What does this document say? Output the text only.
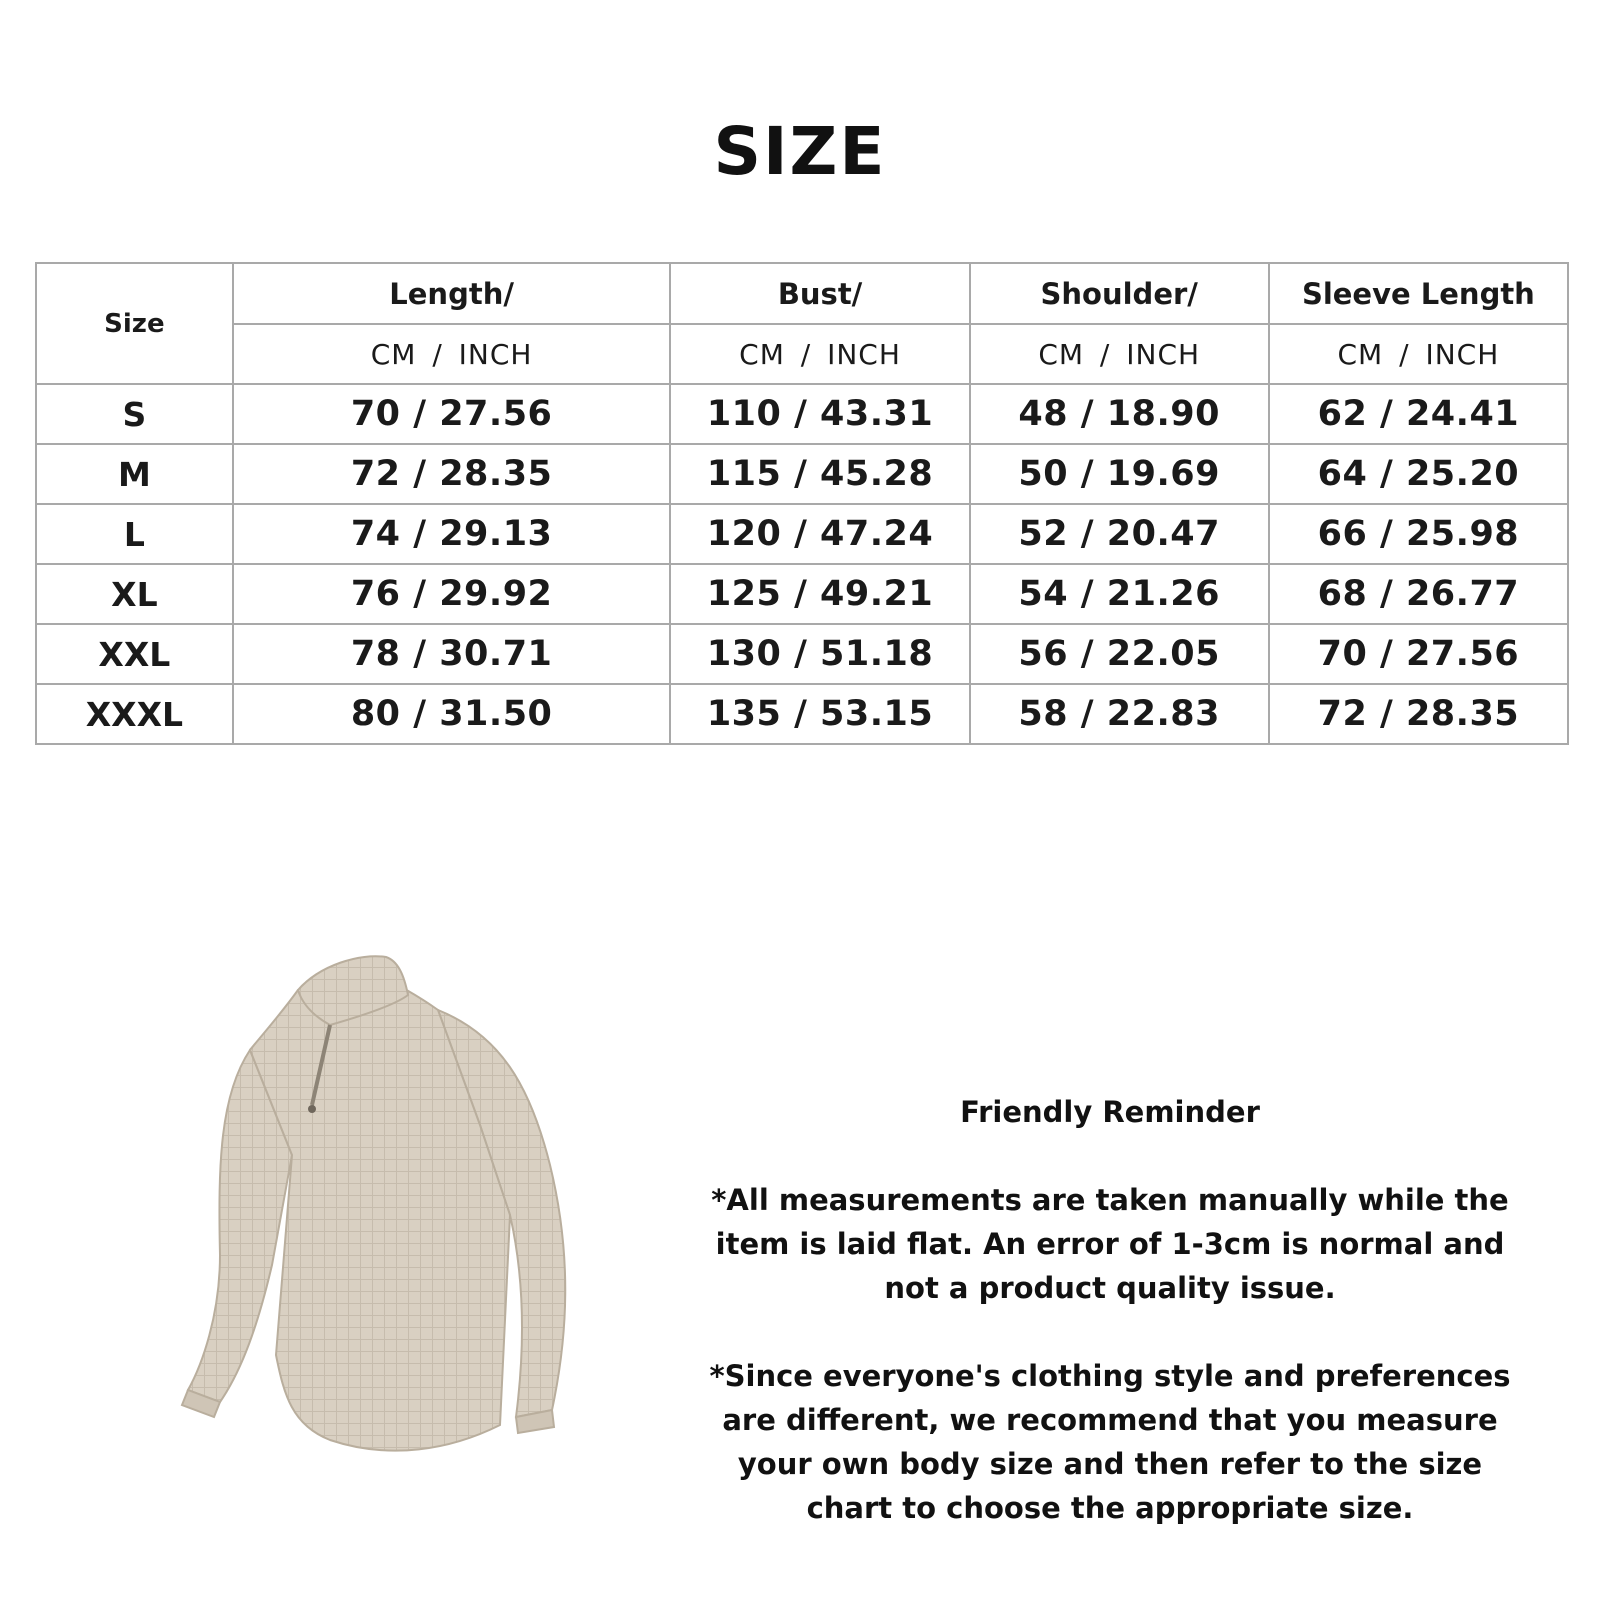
SIZE
Size	Length/	Bust/	Shoulder/	Sleeve Length
	CM / INCH	CM / INCH	CM / INCH	CM / INCH
S	70 / 27.56	110 / 43.31	48 / 18.90	62 / 24.41
M	72 / 28.35	115 / 45.28	50 / 19.69	64 / 25.20
L	74 / 29.13	120 / 47.24	52 / 20.47	66 / 25.98
XL	76 / 29.92	125 / 49.21	54 / 21.26	68 / 26.77
XXL	78 / 30.71	130 / 51.18	56 / 22.05	70 / 27.56
XXXL	80 / 31.50	135 / 53.15	58 / 22.83	72 / 28.35
Friendly Reminder
*All measurements are taken manually while the item is laid flat. An error of 1-3cm is normal and not a product quality issue.
*Since everyone's clothing style and preferences are different, we recommend that you measure your own body size and then refer to the size chart to choose the appropriate size.
